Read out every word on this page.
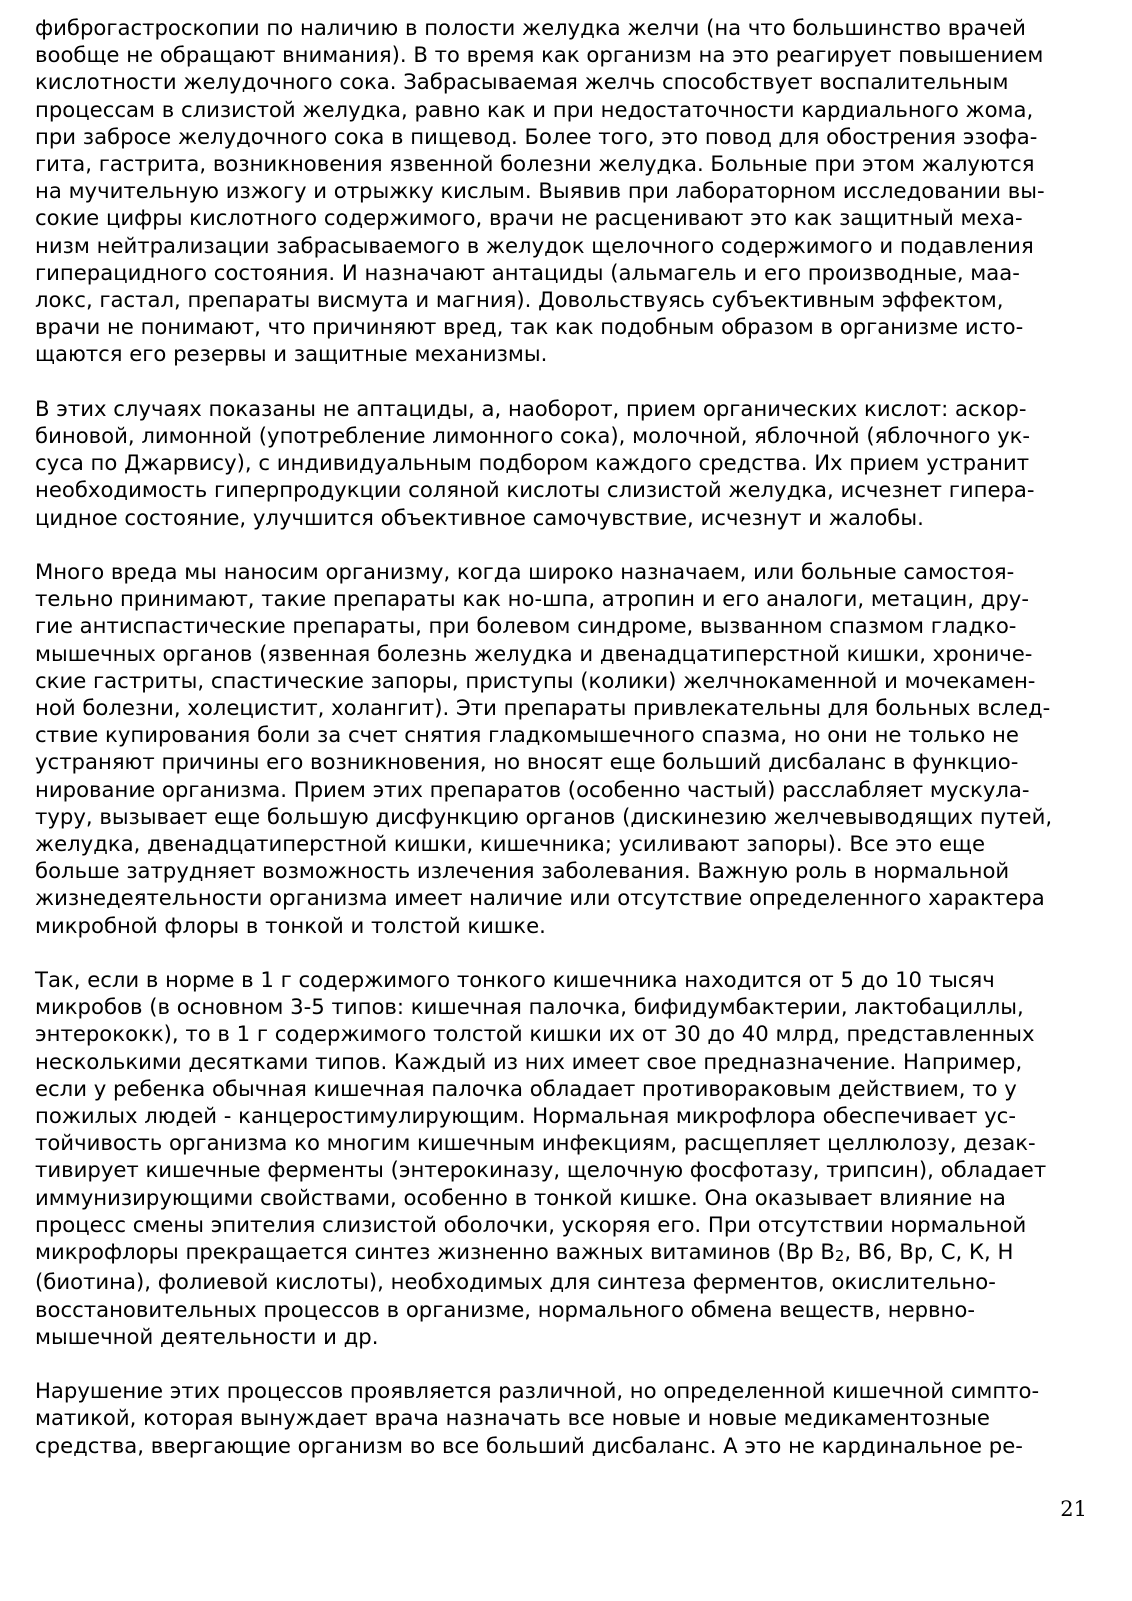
фиброгастроскопии по наличию в полости желудка желчи (на что большинство врачей
вообще не обращают внимания). В то время как организм на это реагирует повышением
кислотности желудочного сока. Забрасываемая желчь способствует воспалительным
процессам в слизистой желудка, равно как и при недостаточности кардиального жома,
при забросе желудочного сока в пищевод. Более того, это повод для обострения эзофа-
гита, гастрита, возникновения язвенной болезни желудка. Больные при этом жалуются
на мучительную изжогу и отрыжку кислым. Выявив при лабораторном исследовании вы-
сокие цифры кислотного содержимого, врачи не расценивают это как защитный меха-
низм нейтрализации забрасываемого в желудок щелочного содержимого и подавления
гиперацидного состояния. И назначают антациды (альмагель и его производные, маа-
локс, гастал, препараты висмута и магния). Довольствуясь субъективным эффектом,
врачи не понимают, что причиняют вред, так как подобным образом в организме исто-
щаются его резервы и защитные механизмы.
В этих случаях показаны не аптациды, а, наоборот, прием органических кислот: аскор-
биновой, лимонной (употребление лимонного сока), молочной, яблочной (яблочного ук-
суса по Джарвису), с индивидуальным подбором каждого средства. Их прием устранит
необходимость гиперпродукции соляной кислоты слизистой желудка, исчезнет гипера-
цидное состояние, улучшится объективное самочувствие, исчезнут и жалобы.
Много вреда мы наносим организму, когда широко назначаем, или больные самостоя-
тельно принимают, такие препараты как но-шпа, атропин и его аналоги, метацин, дру-
гие антиспастические препараты, при болевом синдроме, вызванном спазмом гладко-
мышечных органов (язвенная болезнь желудка и двенадцатиперстной кишки, хрониче-
ские гастриты, спастические запоры, приступы (колики) желчнокаменной и мочекамен-
ной болезни, холецистит, холангит). Эти препараты привлекательны для больных вслед-
ствие купирования боли за счет снятия гладкомышечного спазма, но они не только не
устраняют причины его возникновения, но вносят еще больший дисбаланс в функцио-
нирование организма. Прием этих препаратов (особенно частый) расслабляет мускула-
туру, вызывает еще большую дисфункцию органов (дискинезию желчевыводящих путей,
желудка, двенадцатиперстной кишки, кишечника; усиливают запоры). Все это еще
больше затрудняет возможность излечения заболевания. Важную роль в нормальной
жизнедеятельности организма имеет наличие или отсутствие определенного характера
микробной флоры в тонкой и толстой кишке.
Так, если в норме в 1 г содержимого тонкого кишечника находится от 5 до 10 тысяч
микробов (в основном 3-5 типов: кишечная палочка, бифидумбактерии, лактобациллы,
энтерококк), то в 1 г содержимого толстой кишки их от 30 до 40 млрд, представленных
несколькими десятками типов. Каждый из них имеет свое предназначение. Например,
если у ребенка обычная кишечная палочка обладает противораковым действием, то у
пожилых людей - канцеростимулирующим. Нормальная микрофлора обеспечивает ус-
тойчивость организма ко многим кишечным инфекциям, расщепляет целлюлозу, дезак-
тивирует кишечные ферменты (энтерокиназу, щелочную фосфотазу, трипсин), обладает
иммунизирующими свойствами, особенно в тонкой кишке. Она оказывает влияние на
процесс смены эпителия слизистой оболочки, ускоряя его. При отсутствии нормальной
микрофлоры прекращается синтез жизненно важных витаминов (Вр $В_2$, В6, Вр, С, К, Н
(биотина), фолиевой кислоты), необходимых для синтеза ферментов, окислительно-
восстановительных процессов в организме, нормального обмена веществ, нервно-
мышечной деятельности и др.
Нарушение этих процессов проявляется различной, но определенной кишечной симпто-
матикой, которая вынуждает врача назначать все новые и новые медикаментозные
средства, ввергающие организм во все больший дисбаланс. А это не кардинальное ре-
21
